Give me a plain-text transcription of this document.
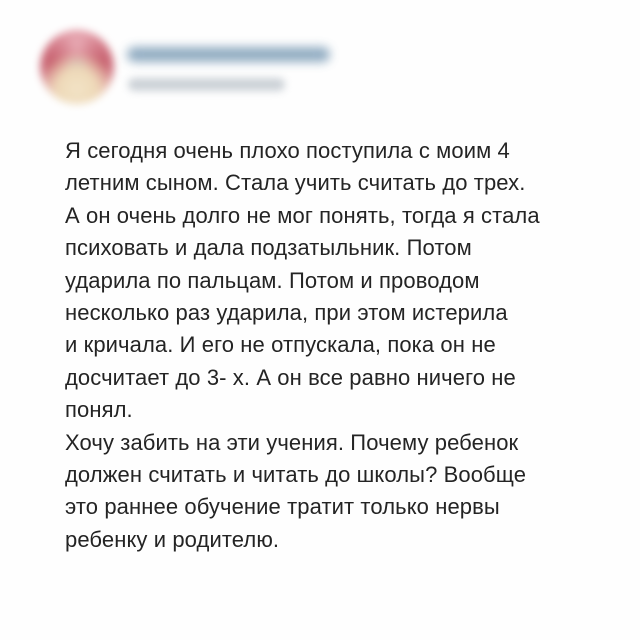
Я сегодня очень плохо поступила с моим 4
летним сыном. Стала учить считать до трех.
А он очень долго не мог понять, тогда я стала
психовать и дала подзатыльник. Потом
ударила по пальцам. Потом и проводом
несколько раз ударила, при этом истерила
и кричала. И его не отпускала, пока он не
досчитает до 3- х. А он все равно ничего не
понял.
Хочу забить на эти учения. Почему ребенок
должен считать и читать до школы? Вообще
это раннее обучение тратит только нервы
ребенку и родителю.
